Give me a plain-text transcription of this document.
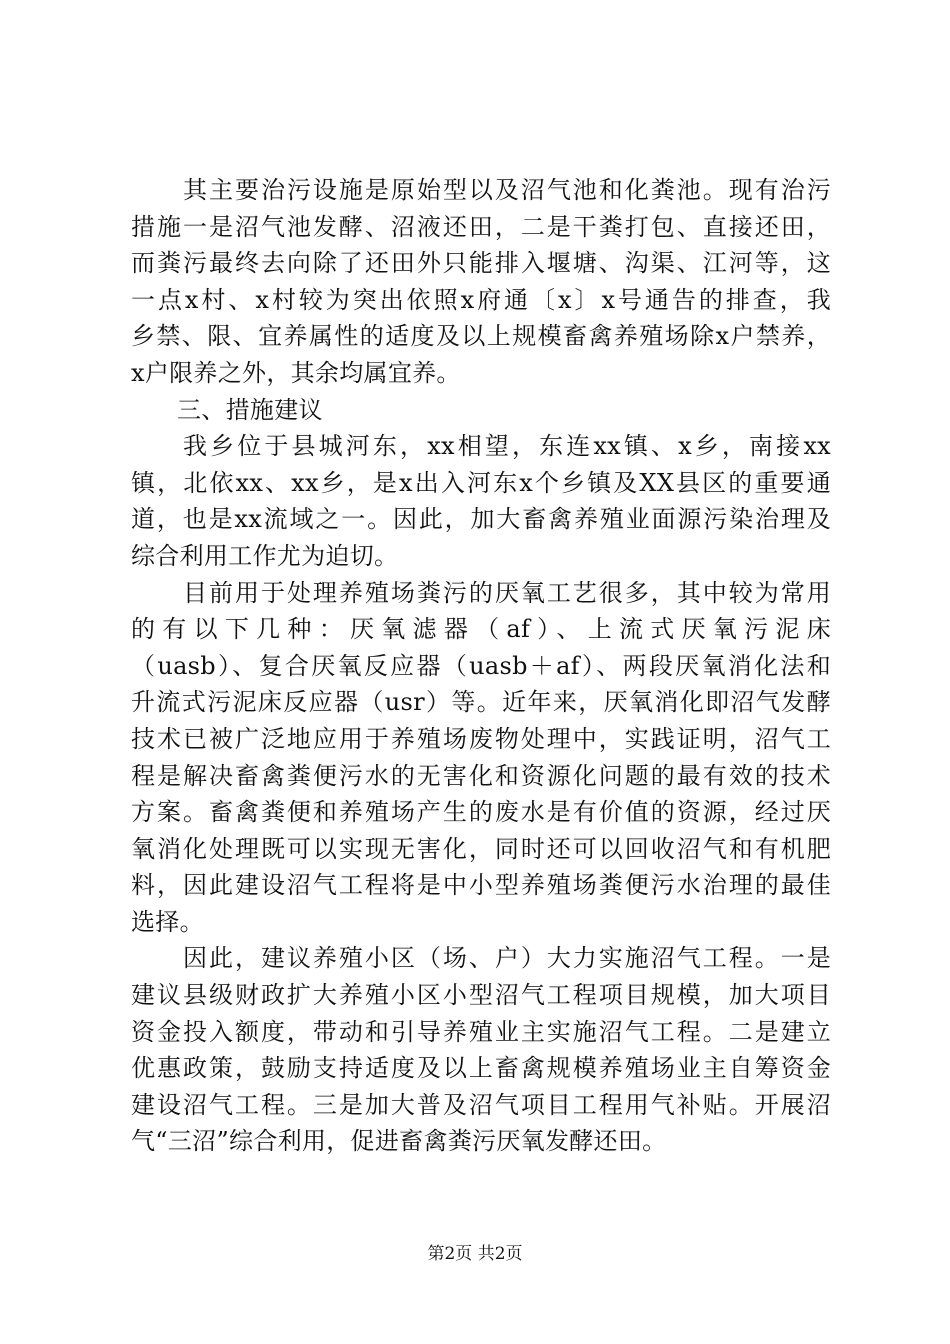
其主要治污设施是原始型以及沼气池和化粪池。现有治污
措施一是沼气池发酵、沼液还田，二是干粪打包、直接还田，
而粪污最终去向除了还田外只能排入堰塘、沟渠、江河等，这
一点x村、x村较为突出依照x府通〔x〕x号通告的排查，我
乡禁、限、宜养属性的适度及以上规模畜禽养殖场除x户禁养，
x户限养之外，其余均属宜养。
三、措施建议
我乡位于县城河东，xx相望，东连xx镇、x乡，南接xx
镇，北依xx、xx乡，是x出入河东x个乡镇及XX县区的重要通
道，也是xx流域之一。因此，加大畜禽养殖业面源污染治理及
综合利用工作尤为迫切。
目前用于处理养殖场粪污的厌氧工艺很多，其中较为常用
的有以下几种：厌氧滤器（af）、上流式厌氧污泥床
（uasb）、复合厌氧反应器（uasb＋af）、两段厌氧消化法和
升流式污泥床反应器（usr）等。近年来，厌氧消化即沼气发酵
技术已被广泛地应用于养殖场废物处理中，实践证明，沼气工
程是解决畜禽粪便污水的无害化和资源化问题的最有效的技术
方案。畜禽粪便和养殖场产生的废水是有价值的资源，经过厌
氧消化处理既可以实现无害化，同时还可以回收沼气和有机肥
料，因此建设沼气工程将是中小型养殖场粪便污水治理的最佳
选择。
因此，建议养殖小区（场、户）大力实施沼气工程。一是
建议县级财政扩大养殖小区小型沼气工程项目规模，加大项目
资金投入额度，带动和引导养殖业主实施沼气工程。二是建立
优惠政策，鼓励支持适度及以上畜禽规模养殖场业主自筹资金
建设沼气工程。三是加大普及沼气项目工程用气补贴。开展沼
气“三沼”综合利用，促进畜禽粪污厌氧发酵还田。
第2页 共2页
